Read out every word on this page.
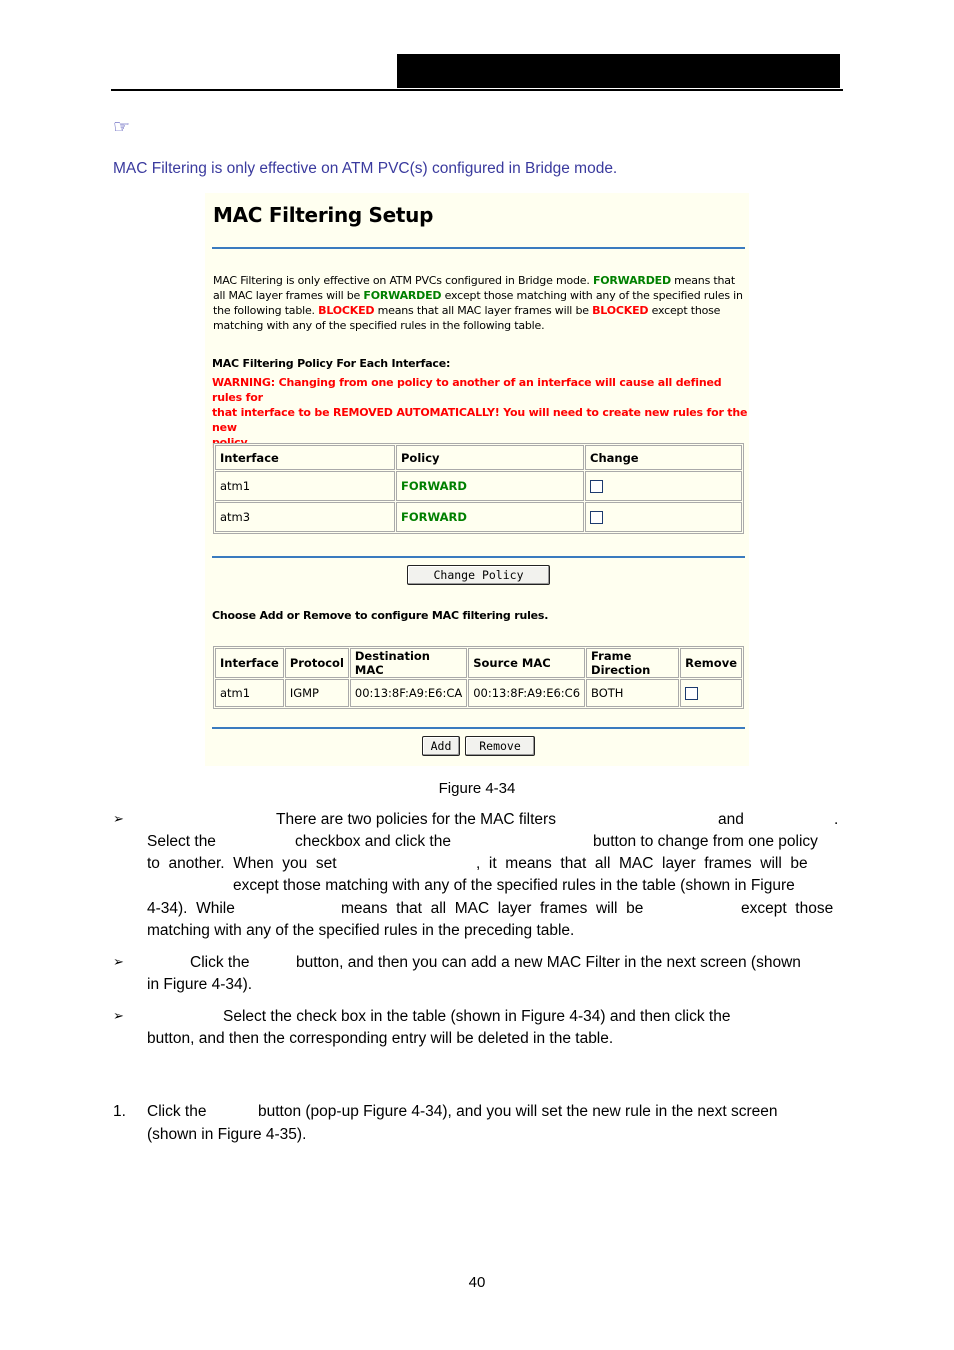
☞
MAC Filtering is only effective on ATM PVC(s) configured in Bridge mode.
MAC Filtering Setup
MAC Filtering is only effective on ATM PVCs configured in Bridge mode. FORWARDED means that
all MAC layer frames will be FORWARDED except those matching with any of the specified rules in
the following table. BLOCKED means that all MAC layer frames will be BLOCKED except those
matching with any of the specified rules in the following table.
MAC Filtering Policy For Each Interface:
WARNING: Changing from one policy to another of an interface will cause all defined rules for
that interface to be REMOVED AUTOMATICALLY! You will need to create new rules for the new
Interface	Policy	Change
atm1	FORWARD	
atm3	FORWARD	
Change Policy
Choose Add or Remove to configure MAC filtering rules.
Interface	Protocol	Destination MAC	Source MAC	Frame Direction	Remove
atm1	IGMP	00:13:8F:A9:E6:CA	00:13:8F:A9:E6:C6	BOTH	
Add	Remove
Figure 4-34
➢	There are two policies for the MAC filters	and	.
Select the	checkbox and click the	button to change from one policy
to  another.  When  you  set	,  it  means  that  all  MAC  layer  frames  will  be
except those matching with any of the specified rules in the table (shown in Figure
4-34).  While	means  that  all  MAC  layer  frames  will  be	except  those
matching with any of the specified rules in the preceding table.
➢	Click the	button, and then you can add a new MAC Filter in the next screen (shown
in Figure 4-34).
➢	Select the check box in the table (shown in Figure 4-34) and then click the
button, and then the corresponding entry will be deleted in the table.
1. Click the	button (pop-up Figure 4-34), and you will set the new rule in the next screen
(shown in Figure 4-35).
40
